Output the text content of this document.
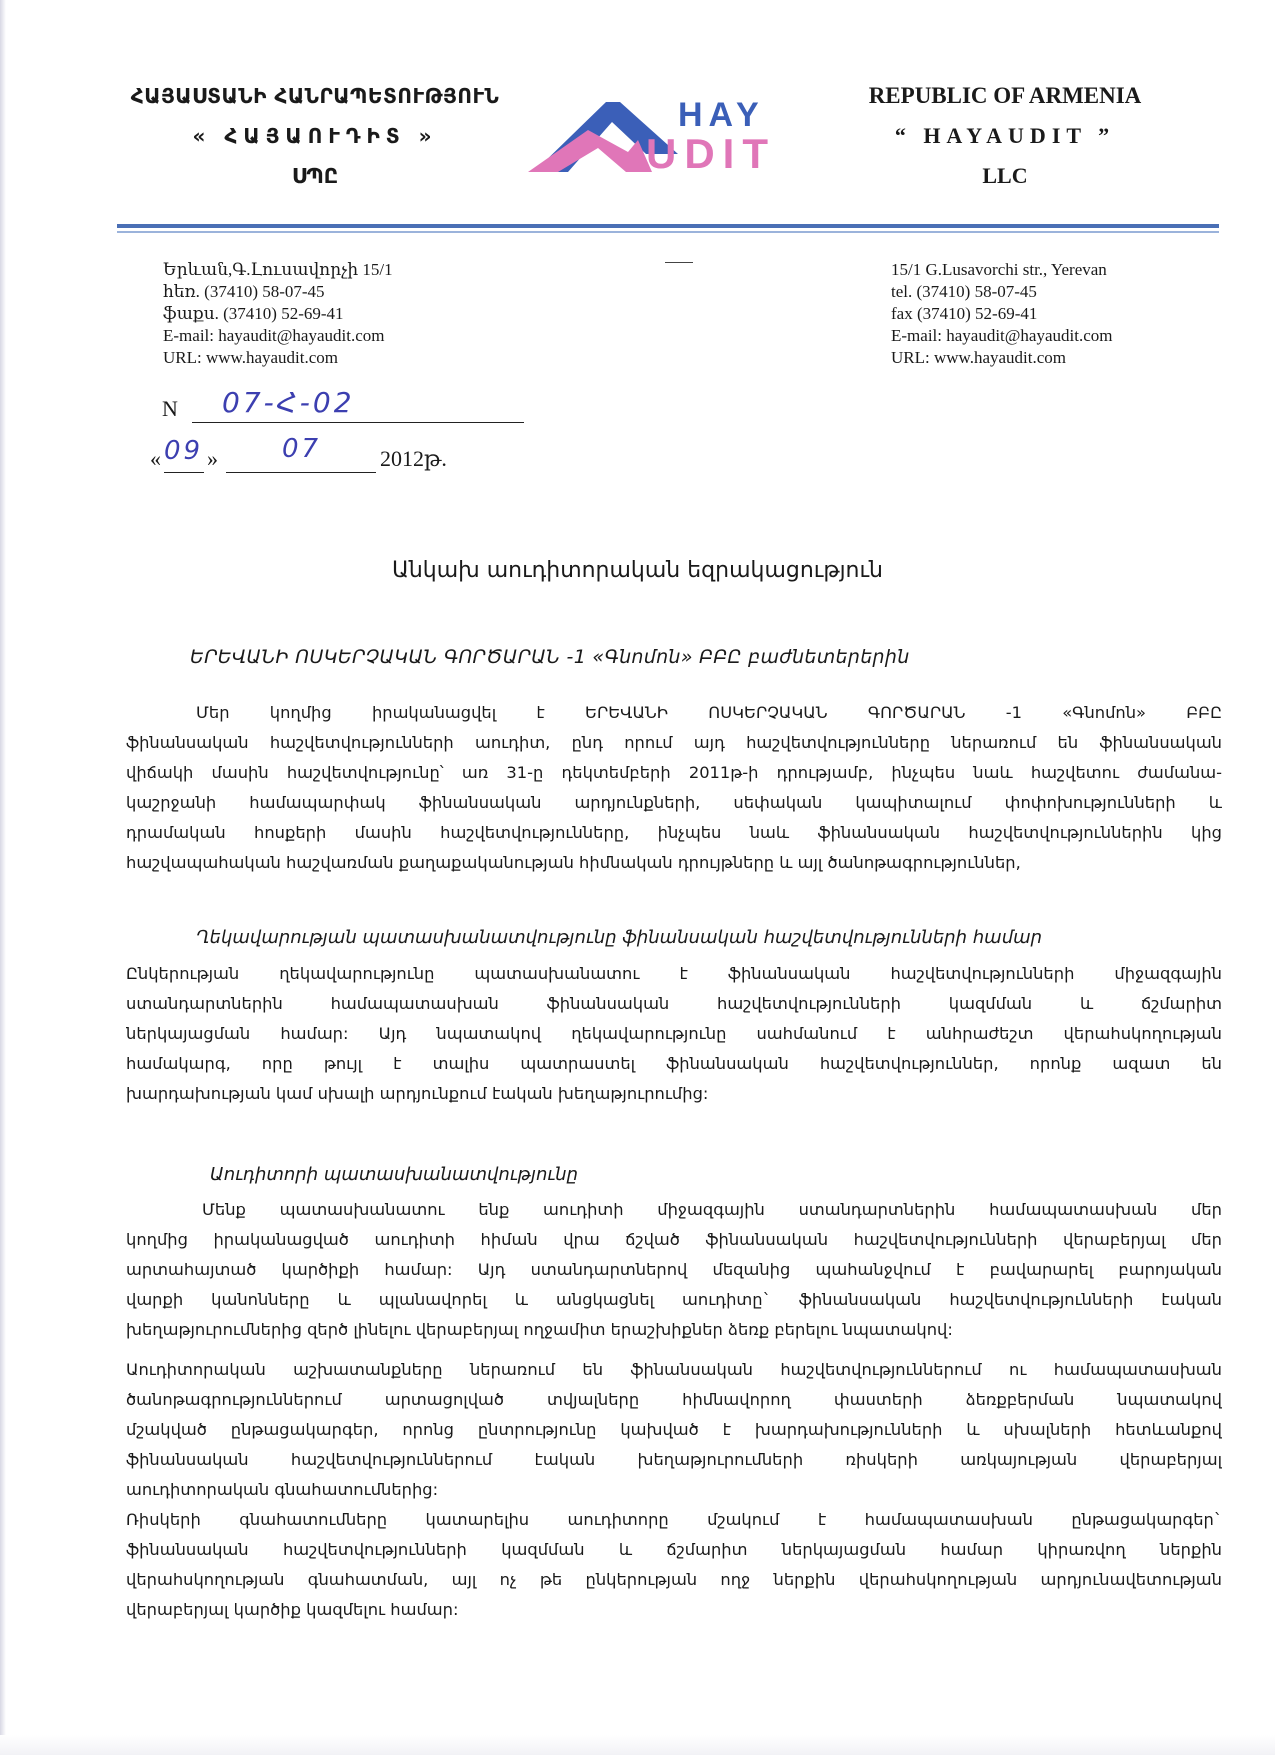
ՀԱՅԱՍՏԱՆԻ ՀԱՆՐԱՊԵՏՈՒԹՅՈՒՆ
« ՀԱՅԱՈՒԴԻՏ »
ՍՊԸ
HAY
UDIT
REPUBLIC OF ARMENIA
“ HAYAUDIT ”
LLC
Երևան,Գ.Լուսավորչի 15/1
հեռ. (37410) 58-07-45
ֆաքս. (37410) 52-69-41
E-mail: hayaudit@hayaudit.com
URL: www.hayaudit.com
15/1 G.Lusavorchi str., Yerevan
tel. (37410) 58-07-45
fax (37410) 52-69-41
E-mail: hayaudit@hayaudit.com
URL: www.hayaudit.com
N 07-Հ-02
« 09 » 07	2012թ.
Անկախ աուդիտորական եզրակացություն
ԵՐԵՎԱՆԻ ՈՍԿԵՐՉԱԿԱՆ ԳՈՐԾԱՐԱՆ -1 «Գնոմոն» ԲԲԸ բաժնետերերին
Մեր կողմից իրականացվել է ԵՐԵՎԱՆԻ ՈՍԿԵՐՉԱԿԱՆ ԳՈՐԾԱՐԱՆ -1 «Գնոմոն» ԲԲԸ
ֆինանսական հաշվետվությունների աուդիտ, ընդ որում այդ հաշվետվությունները ներառում են ֆինանսական
վիճակի մասին հաշվետվությունը՝ առ 31-ը դեկտեմբերի 2011թ-ի դրությամբ, ինչպես նաև հաշվետու ժամանա-
կաշրջանի համապարփակ ֆինանսական արդյունքների, սեփական կապիտալում փոփոխությունների և
դրամական հոսքերի մասին հաշվետվությունները, ինչպես նաև ֆինանսական հաշվետվություններին կից
հաշվապահական հաշվառման քաղաքականության հիմնական դրույթները և այլ ծանոթագրություններ,
Ղեկավարության պատասխանատվությունը ֆինանսական հաշվետվությունների համար
Ընկերության ղեկավարությունը պատասխանատու է ֆինանսական հաշվետվությունների միջազգային
ստանդարտներին համապատասխան ֆինանսական հաշվետվությունների կազմման և ճշմարիտ
ներկայացման համար: Այդ նպատակով ղեկավարությունը սահմանում է անհրաժեշտ վերահսկողության
համակարգ, որը թույլ է տալիս պատրաստել ֆինանսական հաշվետվություններ, որոնք ազատ են
խարդախության կամ սխալի արդյունքում էական խեղաթյուրումից:
Աուդիտորի պատասխանատվությունը
Մենք պատասխանատու ենք աուդիտի միջազգային ստանդարտներին համապատասխան մեր
կողմից իրականացված աուդիտի հիման վրա ճշված ֆինանսական հաշվետվությունների վերաբերյալ մեր
արտահայտած կարծիքի համար: Այդ ստանդարտներով մեզանից պահանջվում է բավարարել բարոյական
վարքի կանոնները և պլանավորել և անցկացնել աուդիտը` ֆինանսական հաշվետվությունների էական
խեղաթյուրումներից զերծ լինելու վերաբերյալ ողջամիտ երաշխիքներ ձեռք բերելու նպատակով:
Աուդիտորական աշխատանքները ներառում են ֆինանսական հաշվետվություններում ու համապատասխան
ծանոթագրություններում արտացոլված տվյալները հիմնավորող փաստերի ձեռքբերման նպատակով
մշակված ընթացակարգեր, որոնց ընտրությունը կախված է խարդախությունների և սխալների հետևանքով
ֆինանսական հաշվետվություններում էական խեղաթյուրումների ռիսկերի առկայության վերաբերյալ
աուդիտորական գնահատումներից:
Ռիսկերի գնահատումները կատարելիս աուդիտորը մշակում է համապատասխան ընթացակարգեր`
ֆինանսական հաշվետվությունների կազմման և ճշմարիտ ներկայացման համար կիրառվող ներքին
վերահսկողության գնահատման, այլ ոչ թե ընկերության ողջ ներքին վերահսկողության արդյունավետության
վերաբերյալ կարծիք կազմելու համար:
